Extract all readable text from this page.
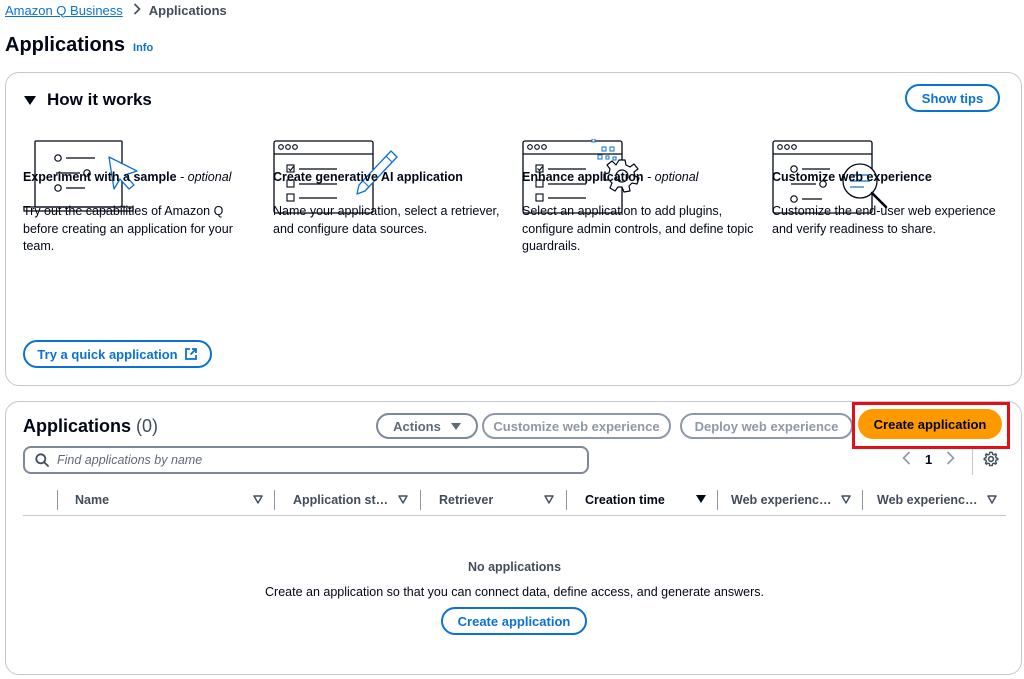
Amazon Q Business Applications
Applications Info
How it works	Show tips
Experiment with a sample - optional

Try out the capabilities of Amazon Q before creating an application for your team.

Create generative AI application

Name your application, select a retriever, and configure data sources.

Enhance application - optional

Select an application to add plugins, configure admin controls, and define topic guardrails.

Customize web experience

Customize the end-user web experience and verify readiness to share.

Try a quick application
Applications (0)	Actions	Customize web experience	Deploy web experience	Create application
Find applications by name
1
Name	Application st…	Retriever	Creation time	Web experienc…	Web experienc…
No applications
Create an application so that you can connect data, define access, and generate answers.
Create application
